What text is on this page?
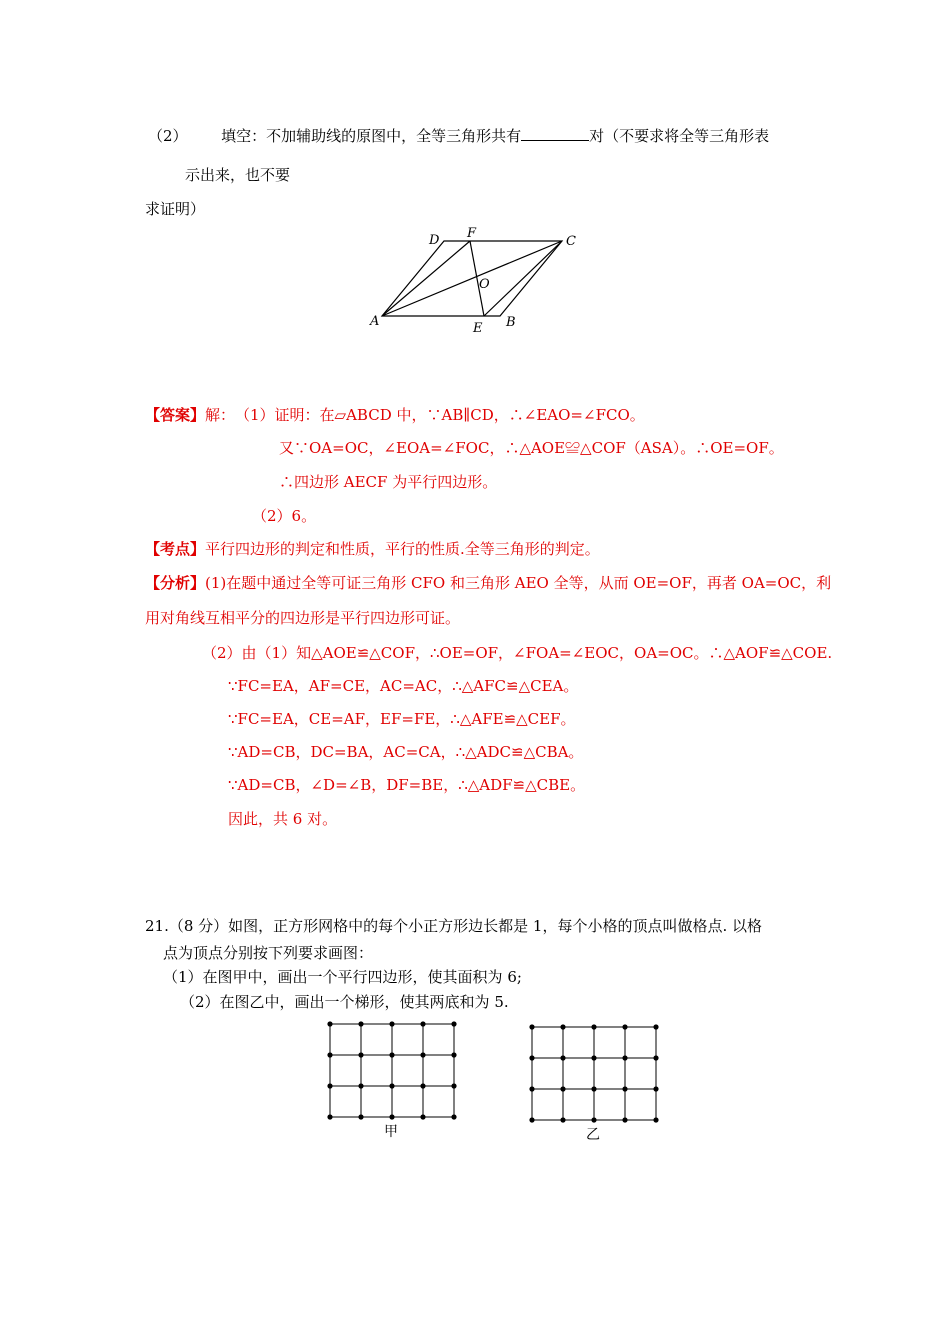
（2） 填空：不加辅助线的原图中，全等三角形共有	对（不要求将全等三角形表
示出来，也不要
求证明）
A	B
C
D
E
F
O
【答案】解：　（1）证明：在▱ABCD 中，∵AB∥CD，∴∠EAO=∠FCO。
又∵OA=OC，∠EOA=∠FOC，∴△AOE≌△COF（ASA）。∴OE=OF。
∴四边形 AECF 为平行四边形。
（2）6。
【考点】平行四边形的判定和性质，平行的性质.全等三角形的判定。
【分析】(1)在题中通过全等可证三角形 CFO 和三角形 AEO 全等，从而 OE=OF，再者 OA=OC，利
用对角线互相平分的四边形是平行四边形可证。
（2）由（1）知△AOE≌△COF，∴OE=OF，∠FOA=∠EOC，OA=OC。∴△AOF≌△COE.
∵FC=EA，AF=CE，AC=AC，∴△AFC≌△CEA。
∵FC=EA，CE=AF，EF=FE，∴△AFE≌△CEF。
∵AD=CB，DC=BA，AC=CA，∴△ADC≌△CBA。
∵AD=CB，∠D=∠B，DF=BE，∴△ADF≌△CBE。
因此，共 6 对。
21.（8 分）如图，正方形网格中的每个小正方形边长都是 1，每个小格的顶点叫做格点. 以格
点为顶点分别按下列要求画图：
（1）在图甲中，画出一个平行四边形，使其面积为 6;
（2）在图乙中，画出一个梯形，使其两底和为 5.
甲	乙
